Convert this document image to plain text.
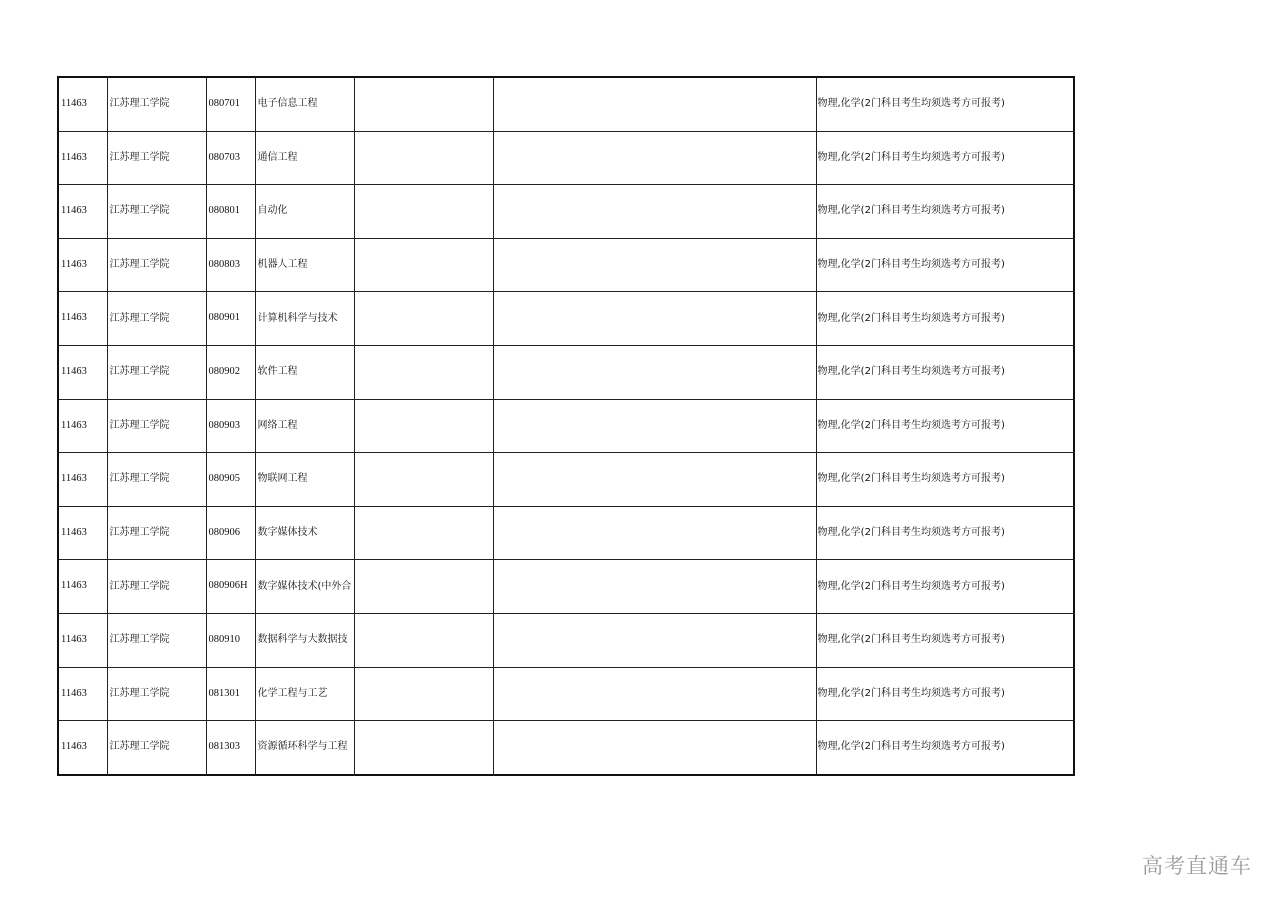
11463	江苏理工学院	080701	电子信息工程			物理,化学(2门科目考生均须选考方可报考)
11463	江苏理工学院	080703	通信工程			物理,化学(2门科目考生均须选考方可报考)
11463	江苏理工学院	080801	自动化			物理,化学(2门科目考生均须选考方可报考)
11463	江苏理工学院	080803	机器人工程			物理,化学(2门科目考生均须选考方可报考)
11463	江苏理工学院	080901	计算机科学与技术			物理,化学(2门科目考生均须选考方可报考)
11463	江苏理工学院	080902	软件工程			物理,化学(2门科目考生均须选考方可报考)
11463	江苏理工学院	080903	网络工程			物理,化学(2门科目考生均须选考方可报考)
11463	江苏理工学院	080905	物联网工程			物理,化学(2门科目考生均须选考方可报考)
11463	江苏理工学院	080906	数字媒体技术			物理,化学(2门科目考生均须选考方可报考)
11463	江苏理工学院	080906H	数字媒体技术(中外合			物理,化学(2门科目考生均须选考方可报考)
11463	江苏理工学院	080910	数据科学与大数据技			物理,化学(2门科目考生均须选考方可报考)
11463	江苏理工学院	081301	化学工程与工艺			物理,化学(2门科目考生均须选考方可报考)
11463	江苏理工学院	081303	资源循环科学与工程			物理,化学(2门科目考生均须选考方可报考)
高考直通车
